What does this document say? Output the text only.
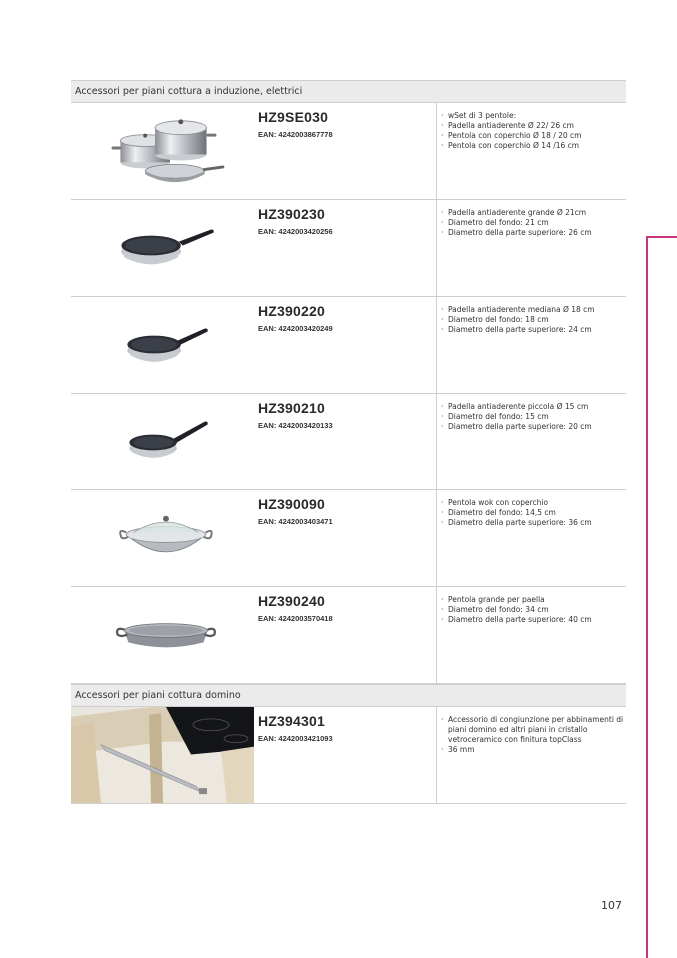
Accessori per piani cottura a induzione, elettrici
HZ9SE030
EAN: 4242003867778
· wSet di 3 pentole:
· Padella antiaderente Ø 22/ 26 cm
· Pentola con coperchio Ø 18 / 20 cm
· Pentola con coperchio Ø 14 /16 cm
HZ390230
EAN: 4242003420256
· Padella antiaderente grande Ø 21cm
· Diametro del fondo: 21 cm
· Diametro della parte superiore: 26 cm
HZ390220
EAN: 4242003420249
· Padella antiaderente mediana Ø 18 cm
· Diametro del fondo: 18 cm
· Diametro della parte superiore: 24 cm
HZ390210
EAN: 4242003420133
· Padella antiaderente piccola Ø 15 cm
· Diametro del fondo: 15 cm
· Diametro della parte superiore: 20 cm
HZ390090
EAN: 4242003403471
· Pentola wok con coperchio
· Diametro del fondo: 14,5 cm
· Diametro della parte superiore: 36 cm
HZ390240
EAN: 4242003570418
· Pentola grande per paella
· Diametro del fondo: 34 cm
· Diametro della parte superiore: 40 cm
Accessori per piani cottura domino
HZ394301
EAN: 4242003421093
· Accessorio di congiunzione per abbinamenti di piani domino ed altri piani in cristallo vetroceramico con finitura topClass
· 36 mm
107
